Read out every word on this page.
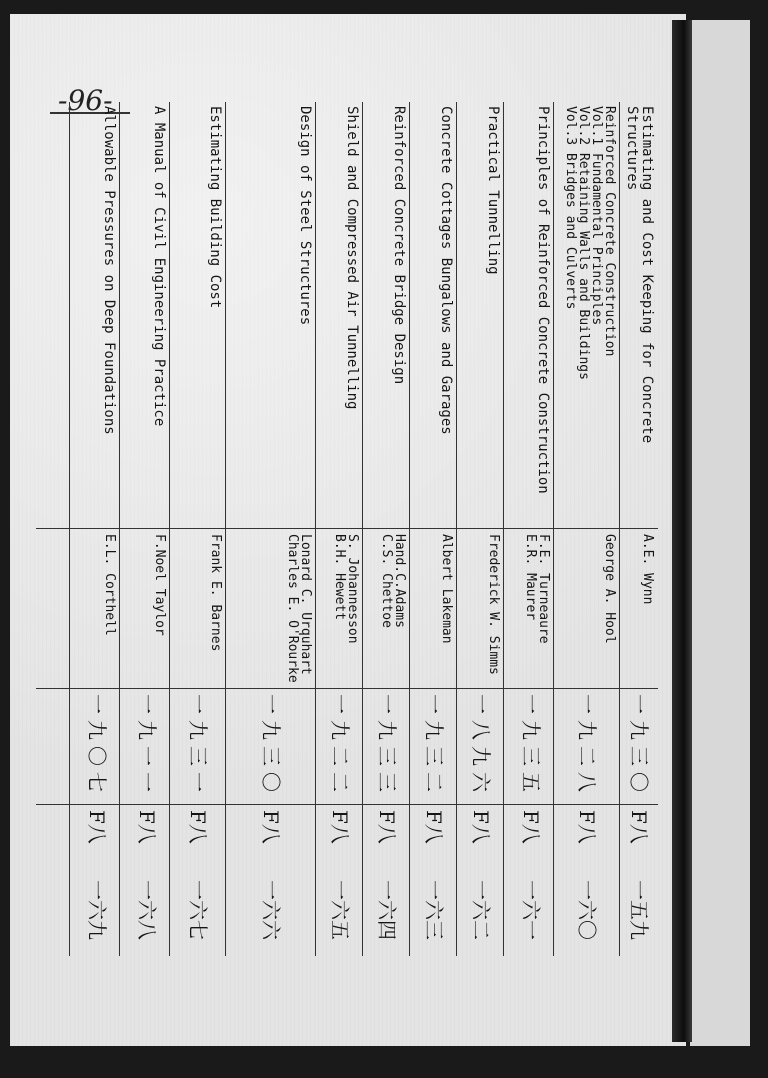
-96-
Estimating and Cost Keeping for Concrete Structures
A.E. Wynn
一九三〇
F八一五九
Reinforced Concrete Construction
Vol.1 Fundamental Principles
Vol.2 Retaining Walls and Buildings
Vol.3 Bridges and Culverts
George A. Hool
一九二八
F八一六〇
Principles of Reinforced Concrete Construction
F.E. Turneaure
E.R. Maurer
一九三五
F八一六一
Practical Tunnelling
Frederick W. Simms
一八九六
F八一六二
Concrete Cottages Bungalows and Garages
Albert Lakeman
一九三二
F八一六三
Reinforced Concrete Bridge Design
Hand.C.Adams
C.S. Chettoe
一九三三
F八一六四
Shield and Compressed Air Tunnelling
S. Johannesson
B.H. Hewett
一九二二
F八一六五
Design of Steel Structures
Lonard C. Urquhart Charles E. O'Rourke
一九三〇
F八一六六
Estimating Building Cost
Frank E. Barnes
一九三一
F八一六七
A Manual of Civil Engineering Practice
F.Noel Taylor
一九一一
F八一六八
Allowable Pressures on Deep Foundations
E.L. Corthell
一九〇七
F八一六九
